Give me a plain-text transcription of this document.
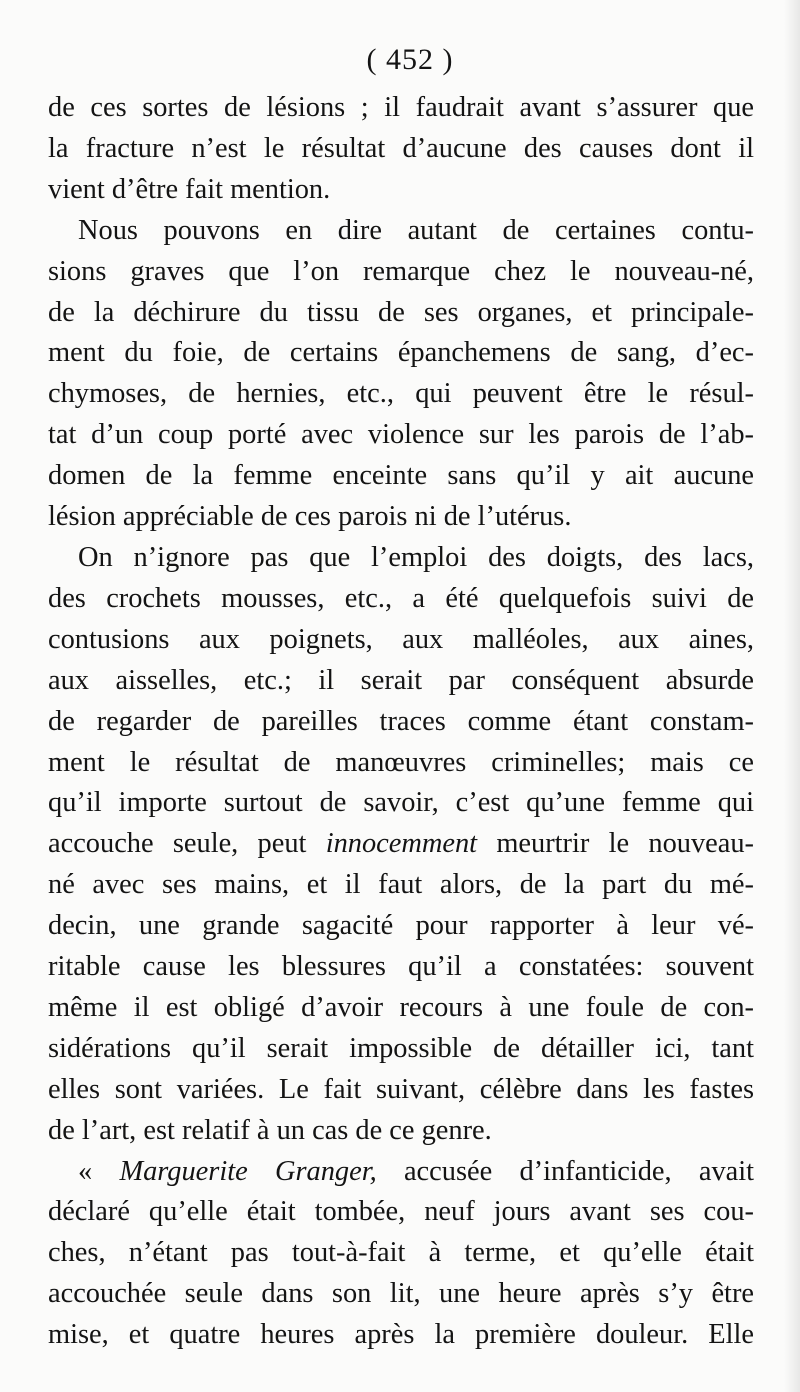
( 452 )
de ces sortes de lésions ; il faudrait avant s’assurer que
la fracture n’est le résultat d’aucune des causes dont il
vient d’être fait mention.
Nous pouvons en dire autant de certaines contu-
sions graves que l’on remarque chez le nouveau-né,
de la déchirure du tissu de ses organes, et principale-
ment du foie, de certains épanchemens de sang, d’ec-
chymoses, de hernies, etc., qui peuvent être le résul-
tat d’un coup porté avec violence sur les parois de l’ab-
domen de la femme enceinte sans qu’il y ait aucune
lésion appréciable de ces parois ni de l’utérus.
On n’ignore pas que l’emploi des doigts, des lacs,
des crochets mousses, etc., a été quelquefois suivi de
contusions aux poignets, aux malléoles, aux aines,
aux aisselles, etc.; il serait par conséquent absurde
de regarder de pareilles traces comme étant constam-
ment le résultat de manœuvres criminelles; mais ce
qu’il importe surtout de savoir, c’est qu’une femme qui
accouche seule, peut innocemment meurtrir le nouveau-
né avec ses mains, et il faut alors, de la part du mé-
decin, une grande sagacité pour rapporter à leur vé-
ritable cause les blessures qu’il a constatées: souvent
même il est obligé d’avoir recours à une foule de con-
sidérations qu’il serait impossible de détailler ici, tant
elles sont variées. Le fait suivant, célèbre dans les fastes
de l’art, est relatif à un cas de ce genre.
« Marguerite Granger, accusée d’infanticide, avait
déclaré qu’elle était tombée, neuf jours avant ses cou-
ches, n’étant pas tout-à-fait à terme, et qu’elle était
accouchée seule dans son lit, une heure après s’y être
mise, et quatre heures après la première douleur. Elle
